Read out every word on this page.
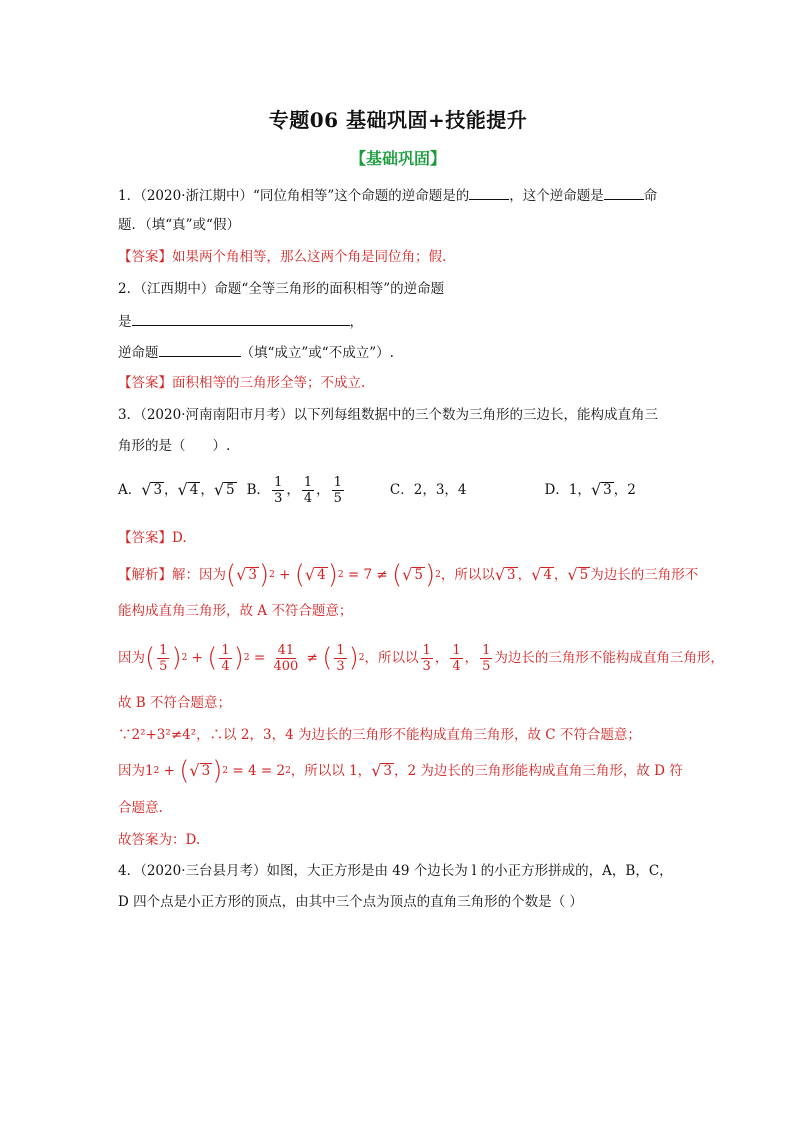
专题06 基础巩固+技能提升
【基础巩固】
1．（2020·浙江期中）“同位角相等”这个命题的逆命题是的	，这个逆命题是	命
题．（填“真”或“假）
【答案】如果两个角相等，那么这两个角是同位角；假.
2．（江西期中）命题“全等三角形的面积相等”的逆命题
是	，
逆命题	（填“成立”或“不成立”）.
【答案】面积相等的三角形全等；不成立.
3．（2020·河南南阳市月考）以下列每组数据中的三个数为三角形的三边长，能构成直角三
角形的是（　　）.
A． √ 3 ， √ 4 ， √ 5 B． $\frac{1}{3}$ ， $\frac{1}{4}$ ， $\frac{1}{5}$	C．2，3，4	D．1， √ 3 ，2
【答案】D.
【解析】 解：因为 ( √ 3 ) 2 + ( √ 4 ) 2
= 7 ≠
( √ 5 ) 2 ，所以以 √ 3 ， √ 4 ， √ 5 为边长的三角形不
能构成直角三角形，故 A 不符合题意；
因为 ( $\frac{1}{5}$ ) 2 + ( $\frac{1}{4}$ ) 2
=
$\frac{41}{400}$ ≠ ( $\frac{1}{3}$ ) 2 ，所以以 $\frac{1}{3}$ ， $\frac{1}{4}$ ， $\frac{1}{5}$ 为边长的三角形不能构成直角三角形，
故 B 不符合题意；
∵2²+3²≠4²，∴以 2，3，4 为边长的三角形不能构成直角三角形，故 C 不符合题意；
因为 1 2 + ( √ 3 ) 2
= 4 = 2 2 ，所以以 1， √ 3 ，2 为边长的三角形能构成直角三角形，故 D 符
合题意.
故答案为：D.
4．（2020·三台县月考）如图，大正方形是由 49 个边长为 l 的小正方形拼成的，A，B，C，
D 四个点是小正方形的顶点，由其中三个点为顶点的直角三角形的个数是（ ）
